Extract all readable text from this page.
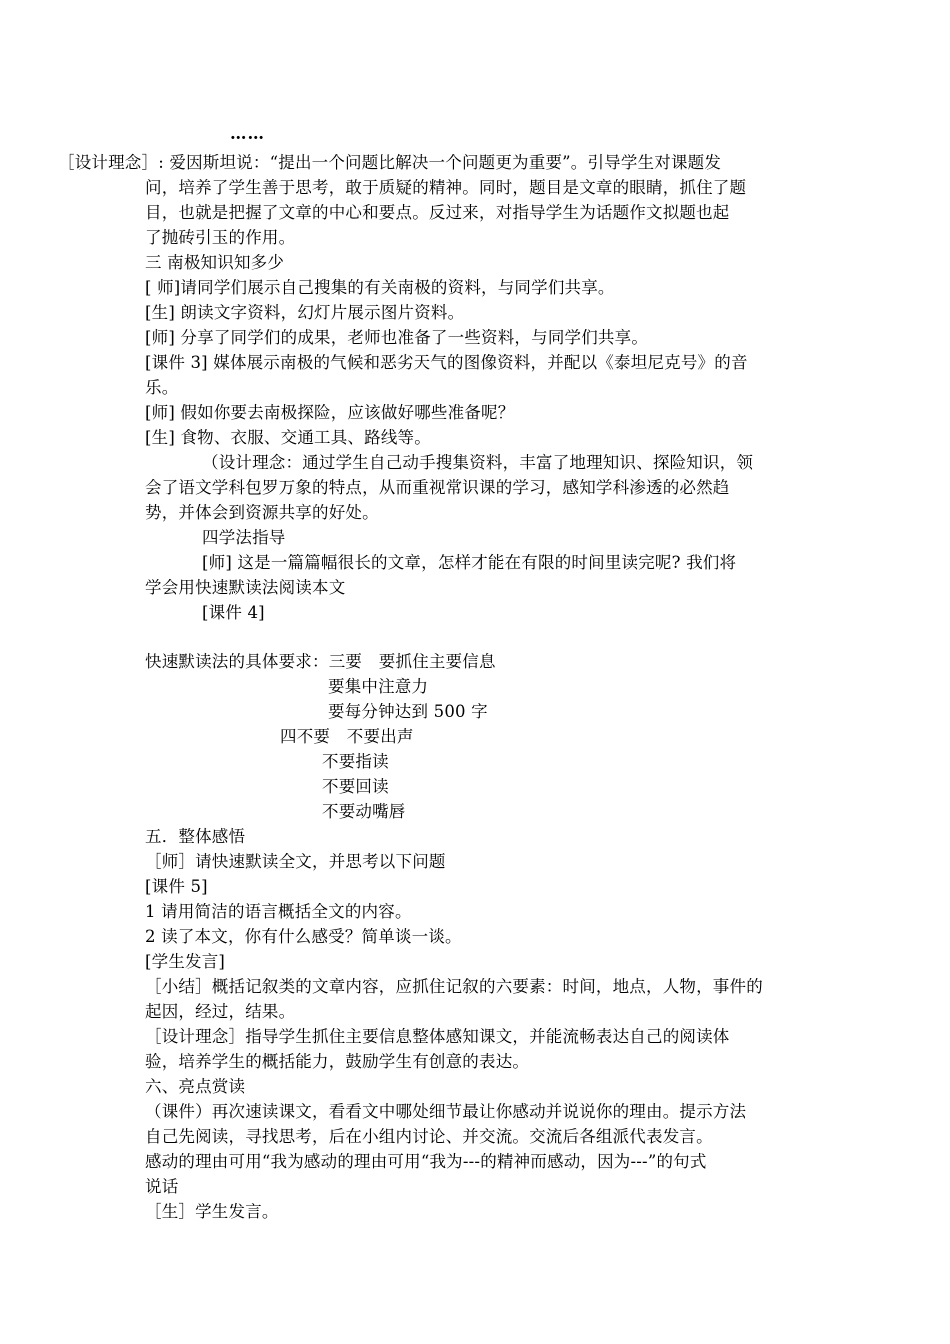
……
［设计理念］: 爱因斯坦说：“提出一个问题比解决一个问题更为重要”。引导学生对课题发
问，培养了学生善于思考，敢于质疑的精神。同时，题目是文章的眼睛，抓住了题
目，也就是把握了文章的中心和要点。反过来，对指导学生为话题作文拟题也起
了抛砖引玉的作用。
三 南极知识知多少
[ 师]请同学们展示自己搜集的有关南极的资料，与同学们共享。
[生] 朗读文字资料，幻灯片展示图片资料。
[师] 分享了同学们的成果，老师也准备了一些资料，与同学们共享。
[课件 3] 媒体展示南极的气候和恶劣天气的图像资料，并配以《泰坦尼克号》的音
乐。
[师] 假如你要去南极探险，应该做好哪些准备呢？
[生] 食物、衣服、交通工具、路线等。
（设计理念：通过学生自己动手搜集资料，丰富了地理知识、探险知识，领
会了语文学科包罗万象的特点，从而重视常识课的学习，感知学科渗透的必然趋
势，并体会到资源共享的好处。
四学法指导
[师] 这是一篇篇幅很长的文章，怎样才能在有限的时间里读完呢? 我们将
学会用快速默读法阅读本文
[课件 4]
快速默读法的具体要求：三要　要抓住主要信息
要集中注意力
要每分钟达到 500 字
四不要　不要出声
不要指读
不要回读
不要动嘴唇
五．整体感悟
［师］请快速默读全文，并思考以下问题
[课件 5]
1 请用简洁的语言概括全文的内容。
2 读了本文，你有什么感受？简单谈一谈。
[学生发言]
［小结］概括记叙类的文章内容，应抓住记叙的六要素：时间，地点，人物，事件的
起因，经过，结果。
［设计理念］指导学生抓住主要信息整体感知课文，并能流畅表达自己的阅读体
验，培养学生的概括能力，鼓励学生有创意的表达。
六、亮点赏读
（课件）再次速读课文，看看文中哪处细节最让你感动并说说你的理由。提示方法
自己先阅读，寻找思考，后在小组内讨论、并交流。交流后各组派代表发言。
感动的理由可用“我为感动的理由可用“我为---的精神而感动，因为---”的句式
说话
［生］学生发言。
